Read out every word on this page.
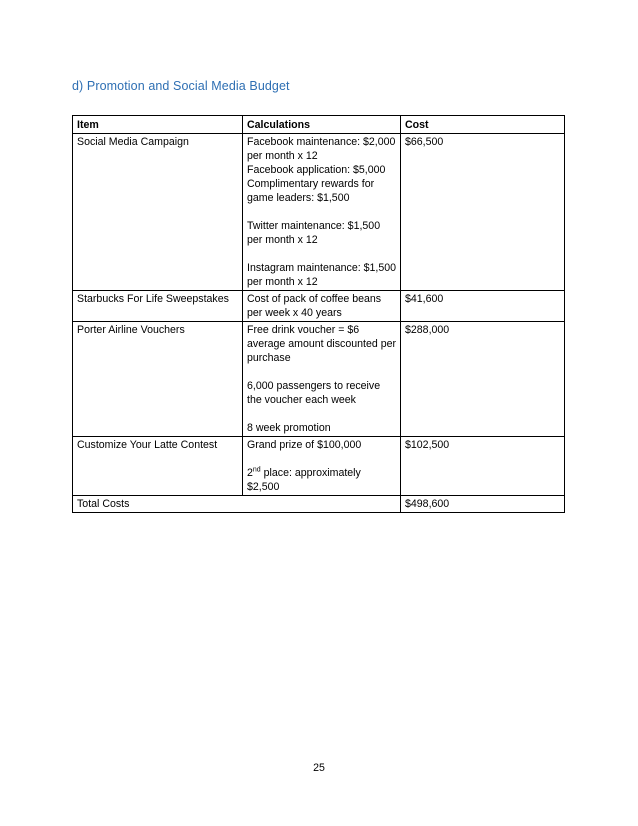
d) Promotion and Social Media Budget
Item	Calculations	Cost
Social Media Campaign	Facebook maintenance: $2,000 per month x 12
Facebook application: $5,000
Complimentary rewards for game leaders: $1,500
Twitter maintenance: $1,500 per month x 12
Instagram maintenance: $1,500 per month x 12	$66,500
Starbucks For Life Sweepstakes	Cost of pack of coffee beans per week x 40 years	$41,600
Porter Airline Vouchers	Free drink voucher = $6 average amount discounted per purchase
6,000 passengers to receive the voucher each week
8 week promotion	$288,000
Customize Your Latte Contest	Grand prize of $100,000
2nd place: approximately $2,500	$102,500
Total Costs		$498,600
25
